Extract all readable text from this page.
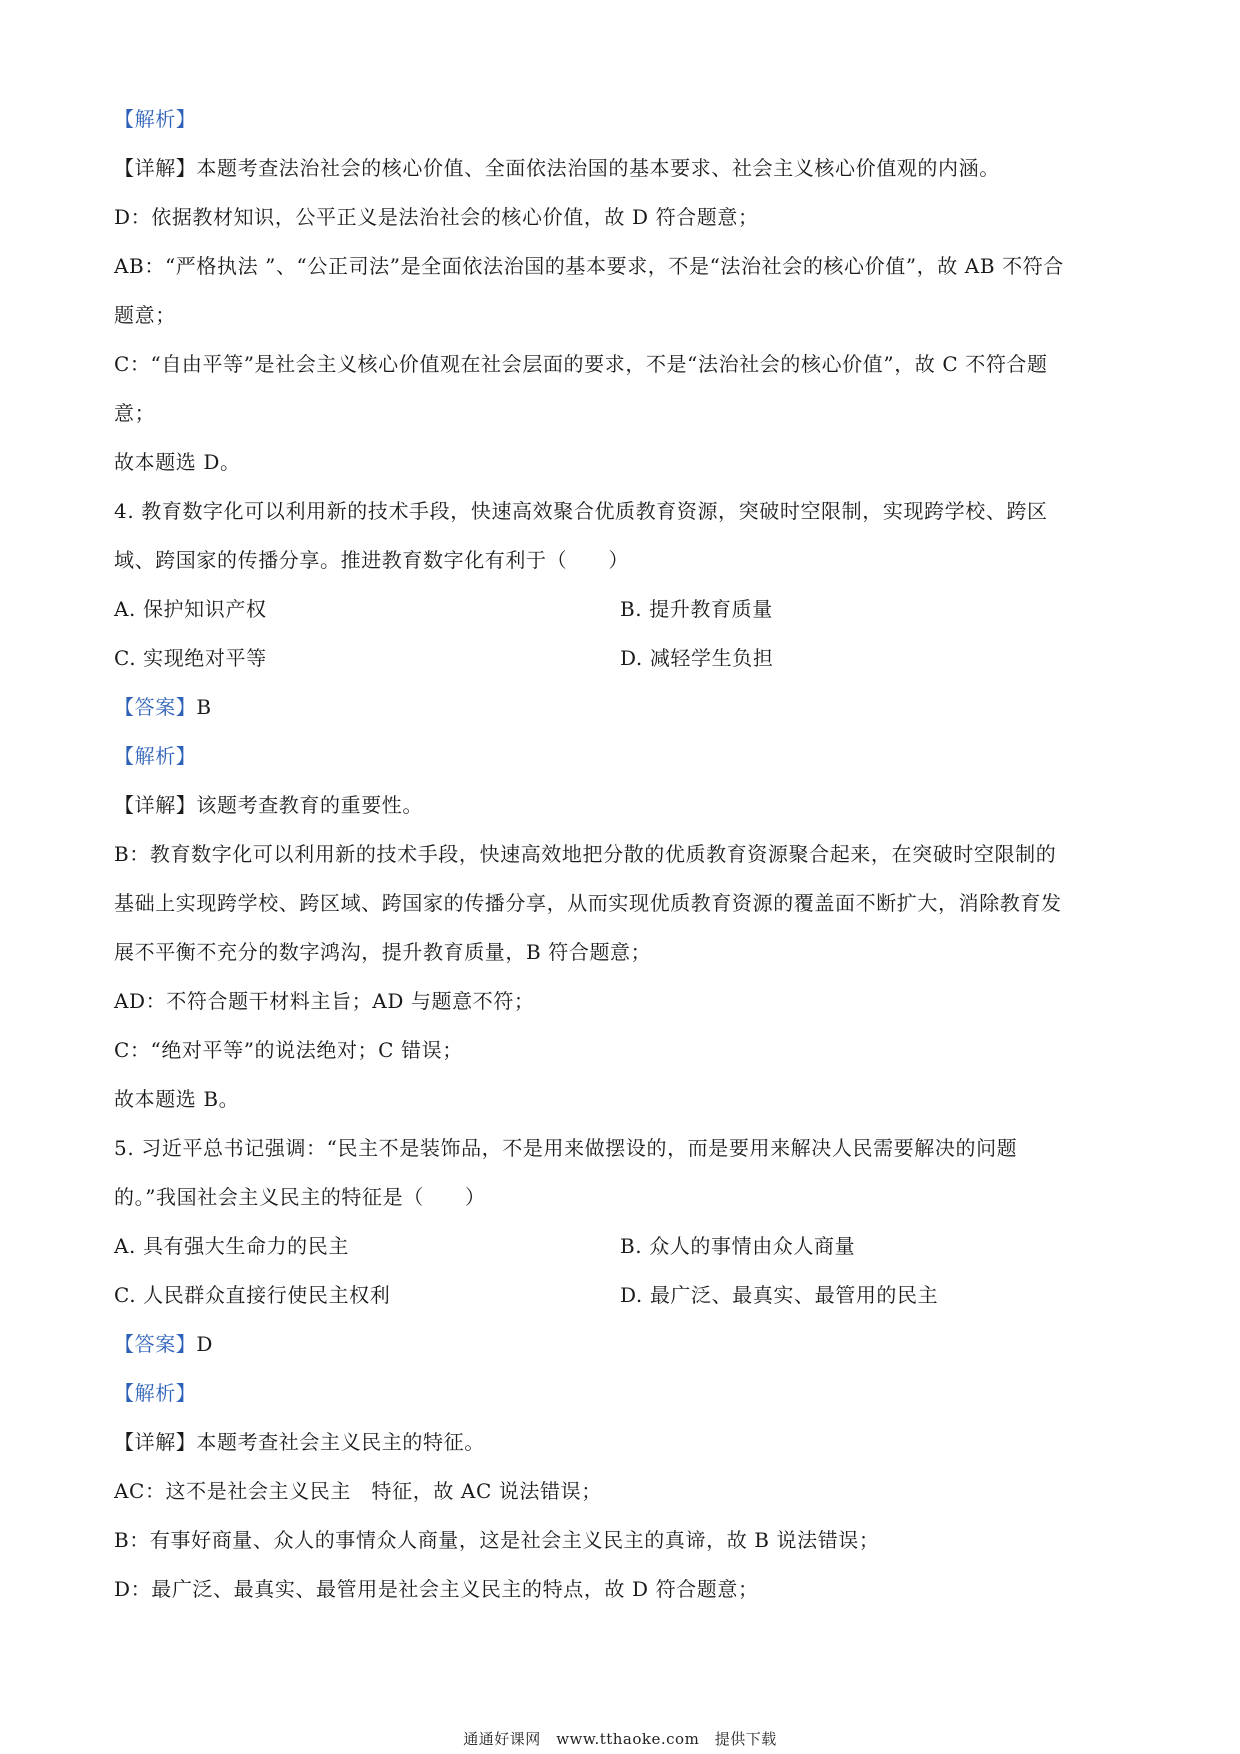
【解析】
【详解】本题考查法治社会的核心价值、全面依法治国的基本要求、社会主义核心价值观的内涵。
D：依据教材知识，公平正义是法治社会的核心价值，故 D 符合题意；
AB：“严格执法 ”、“公正司法”是全面依法治国的基本要求，不是“法治社会的核心价值”，故 AB 不符合
题意；
C：“自由平等”是社会主义核心价值观在社会层面的要求，不是“法治社会的核心价值”，故 C 不符合题
意；
故本题选 D。
4. 教育数字化可以利用新的技术手段，快速高效聚合优质教育资源，突破时空限制，实现跨学校、跨区
域、跨国家的传播分享。推进教育数字化有利于（　　）
A. 保护知识产权	B. 提升教育质量
C. 实现绝对平等	D. 减轻学生负担
【答案】B
【解析】
【详解】该题考查教育的重要性。
B：教育数字化可以利用新的技术手段，快速高效地把分散的优质教育资源聚合起来，在突破时空限制的
基础上实现跨学校、跨区域、跨国家的传播分享，从而实现优质教育资源的覆盖面不断扩大，消除教育发
展不平衡不充分的数字鸿沟，提升教育质量，B 符合题意；
AD：不符合题干材料主旨；AD 与题意不符；
C：“绝对平等”的说法绝对；C 错误；
故本题选 B。
5. 习近平总书记强调：“民主不是装饰品，不是用来做摆设的，而是要用来解决人民需要解决的问题
的。”我国社会主义民主的特征是（　　）
A. 具有强大生命力的民主	B. 众人的事情由众人商量
C. 人民群众直接行使民主权利	D. 最广泛、最真实、最管用的民主
【答案】D
【解析】
【详解】本题考查社会主义民主的特征。
AC：这不是社会主义民主　特征，故 AC 说法错误；
B：有事好商量、众人的事情众人商量，这是社会主义民主的真谛，故 B 说法错误；
D：最广泛、最真实、最管用是社会主义民主的特点，故 D 符合题意；
通通好课网　www.tthaoke.com　提供下载
